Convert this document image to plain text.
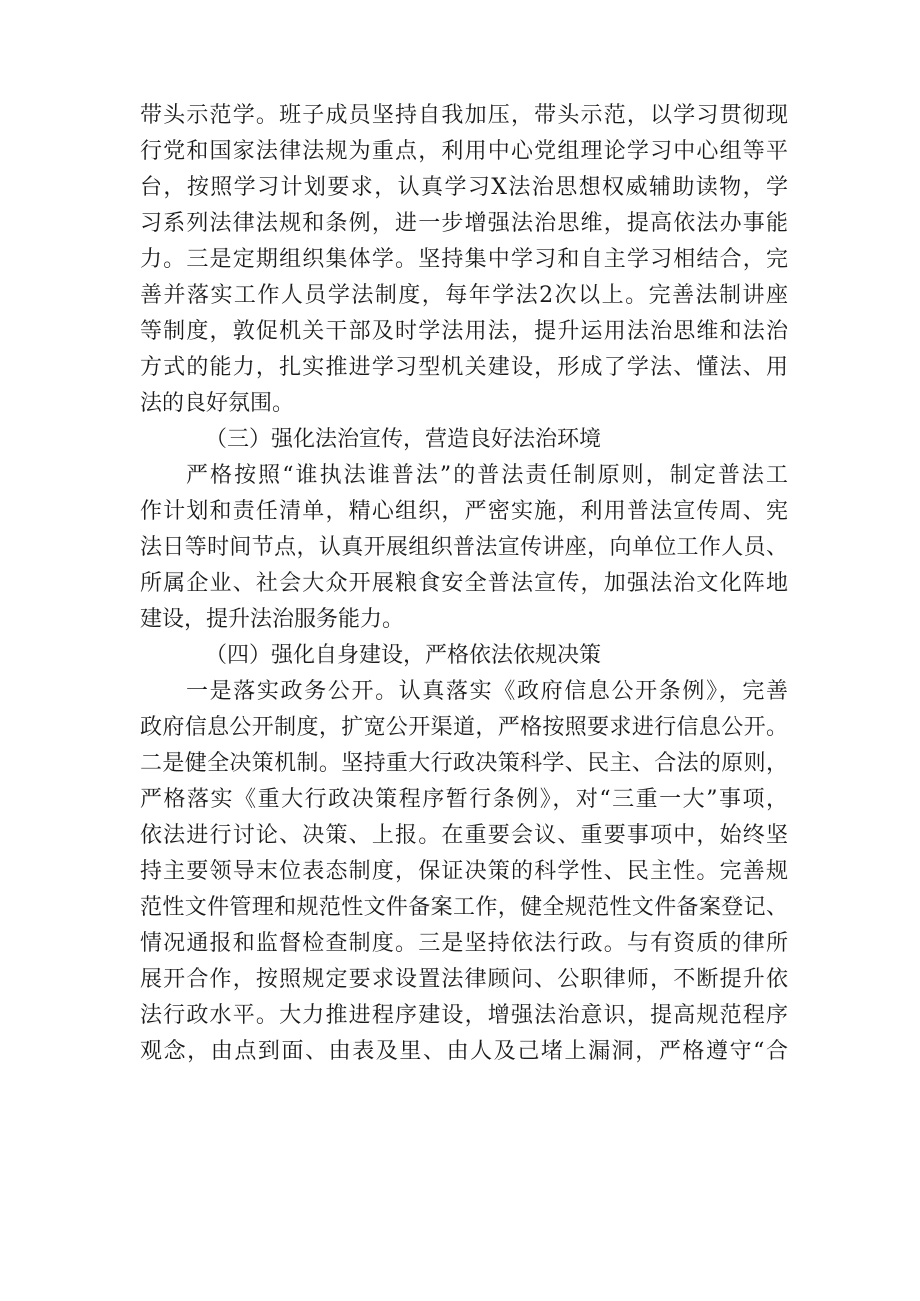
带头示范学。班子成员坚持自我加压，带头示范，以学习贯彻现
行党和国家法律法规为重点，利用中心党组理论学习中心组等平
台，按照学习计划要求，认真学习X法治思想权威辅助读物，学
习系列法律法规和条例，进一步增强法治思维，提高依法办事能
力。三是定期组织集体学。坚持集中学习和自主学习相结合，完
善并落实工作人员学法制度，每年学法2次以上。完善法制讲座
等制度，敦促机关干部及时学法用法，提升运用法治思维和法治
方式的能力，扎实推进学习型机关建设，形成了学法、懂法、用
法的良好氛围。
（三）强化法治宣传，营造良好法治环境
严格按照“谁执法谁普法”的普法责任制原则，制定普法工
作计划和责任清单，精心组织，严密实施，利用普法宣传周、宪
法日等时间节点，认真开展组织普法宣传讲座，向单位工作人员、
所属企业、社会大众开展粮食安全普法宣传，加强法治文化阵地
建设，提升法治服务能力。
（四）强化自身建设，严格依法依规决策
一是落实政务公开。认真落实《政府信息公开条例》，完善
政府信息公开制度，扩宽公开渠道，严格按照要求进行信息公开。
二是健全决策机制。坚持重大行政决策科学、民主、合法的原则，
严格落实《重大行政决策程序暂行条例》，对“三重一大”事项，
依法进行讨论、决策、上报。在重要会议、重要事项中，始终坚
持主要领导末位表态制度，保证决策的科学性、民主性。完善规
范性文件管理和规范性文件备案工作，健全规范性文件备案登记、
情况通报和监督检查制度。三是坚持依法行政。与有资质的律所
展开合作，按照规定要求设置法律顾问、公职律师，不断提升依
法行政水平。大力推进程序建设，增强法治意识，提高规范程序
观念，由点到面、由表及里、由人及己堵上漏洞，严格遵守“合
